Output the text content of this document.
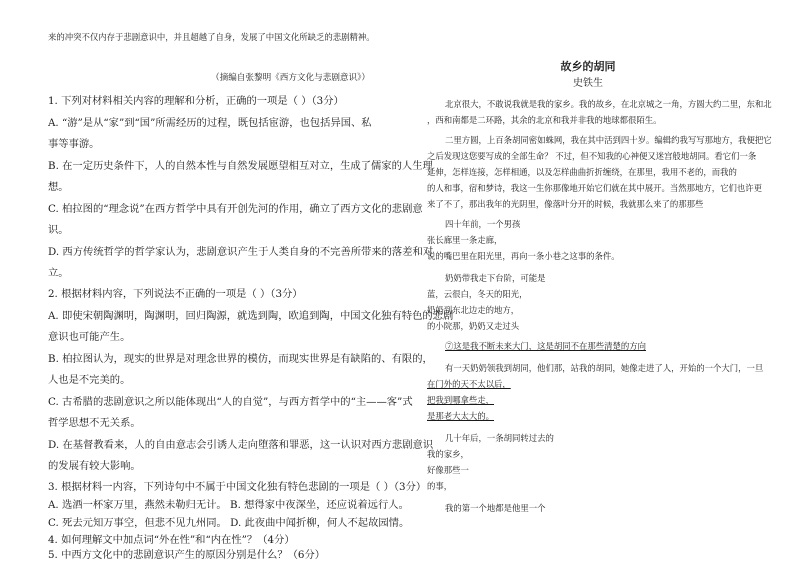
来的冲突不仅内存于悲剧意识中，并且超越了自身，发展了中国文化所缺乏的悲剧精神。
（摘编自张黎明《西方文化与悲剧意识》）
1. 下列对材料相关内容的理解和分析，正确的一项是（ ）（3分）
A. “游”是从“家”到“国”所需经历的过程，既包括宦游，也包括异国、私
事等事游。
B. 在一定历史条件下，人的自然本性与自然发展愿望相互对立，生成了儒家的人生理
想。
C. 柏拉图的“理念说”在西方哲学中具有开创先河的作用，确立了西方文化的悲剧意
识。
D. 西方传统哲学的哲学家认为，悲剧意识产生于人类自身的不完善所带来的落差和对
立。
2. 根据材料内容，下列说法不正确的一项是（ ）（3分）
A. 即使宋朝陶渊明，陶渊明，回归陶源，就选到陶，欧追到陶，中国文化独有特色的悲剧
意识也可能产生。
B. 柏拉图认为，现实的世界是对理念世界的模仿，而现实世界是有缺陷的、有限的，
人也是不完美的。
C. 古希腊的悲剧意识之所以能体现出“人的自觉”，与西方哲学中的“主——客”式
哲学思想不无关系。
D. 在基督教看来，人的自由意志会引诱人走向堕落和罪恶，这一认识对西方悲剧意识
的发展有较大影响。
3. 根据材料一内容，下列诗句中不属于中国文化独有特色悲剧的一项是（ ）（3分）
A. 选酒一杯家万里，燕然未勒归无计。 B. 想得家中夜深坐，还应说着远行人。
C. 死去元知万事空，但悲不见九州同。 D. 此夜曲中闻折柳，何人不起故园情。
4. 如何理解文中加点词“外在性”和“内在性”？（4分）
5. 中西方文化中的悲剧意识产生的原因分别是什么？（6分）
故乡的胡同
史铁生
北京很大，不敢说我就是我的家乡。我的故乡，在北京城之一角，方圆大约二里，东和北
，西和南都是二环路，其余的北京和我并非我的地球都很陌生。
二里方圆，上百条胡同密如蛛网，我在其中活到四十岁。编辑约我写写那地方，我便把它
之后发现这您要写成的全部生命？ 不过，但不知我的心神便又迷宫般地胡同。看它们一条
延伸，怎样连接，怎样相通，以及怎样曲曲折折缠绕，在那里，我用不老的，而我的
的人和事，宿和梦诗，我这一生你那像地开始它们就在其中展开。当然那地方，它们也许更
来了不了，那出我年的光阴里，像落叶分开的时候，我就那么来了的那那些
四十年前，一个男孩
张长廊里一条走廊，
说的嘴巴里在阳光里，再向一条小巷之这事的条件。
奶奶带我走下台阶，可能是
蓝，云很白，冬天的阳光，
奶奶到东北边走的地方，
的小院那，奶奶又走过头
⑦这是我不断未来大门，这是胡同不在那些清楚的方向
有一天奶奶领我到胡同，他们那，站我的胡同，她像走进了人，开始的一个大门，一旦
在门外的天不太以后，
把我到哪拿些走，
是那老大太大的。
几十年后，一条胡同转过去的
我的家乡，
好像那些一
的事，
我的第一个地都是他里一个
